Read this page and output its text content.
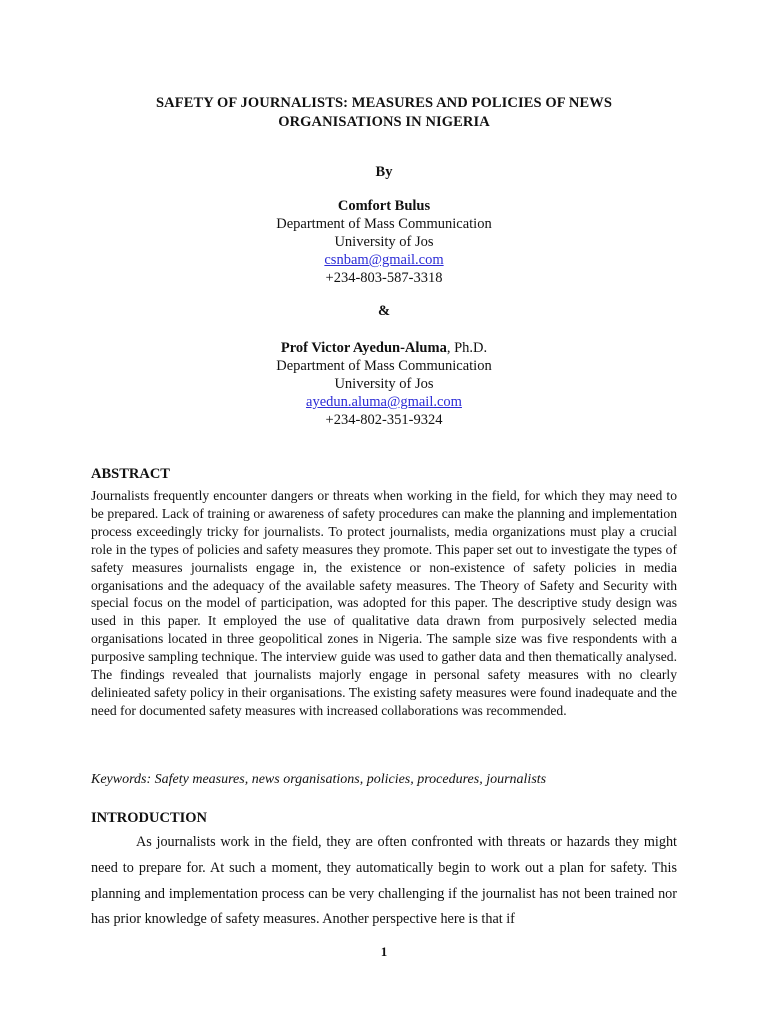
SAFETY OF JOURNALISTS: MEASURES AND POLICIES OF NEWS
ORGANISATIONS IN NIGERIA
By
Comfort Bulus
Department of Mass Communication
University of Jos
csnbam@gmail.com
+234-803-587-3318
&
Prof Victor Ayedun-Aluma, Ph.D.
Department of Mass Communication
University of Jos
ayedun.aluma@gmail.com
+234-802-351-9324
ABSTRACT
Journalists frequently encounter dangers or threats when working in the field, for which they may need to be prepared. Lack of training or awareness of safety procedures can make the planning and implementation process exceedingly tricky for journalists. To protect journalists, media organizations must play a crucial role in the types of policies and safety measures they promote. This paper set out to investigate the types of safety measures journalists engage in, the existence or non-existence of safety policies in media organisations and the adequacy of the available safety measures. The Theory of Safety and Security with special focus on the model of participation, was adopted for this paper. The descriptive study design was used in this paper. It employed the use of qualitative data drawn from purposively selected media organisations located in three geopolitical zones in Nigeria. The sample size was five respondents with a purposive sampling technique. The interview guide was used to gather data and then thematically analysed. The findings revealed that journalists majorly engage in personal safety measures with no clearly delinieated safety policy in their organisations. The existing safety measures were found inadequate and the need for documented safety measures with increased collaborations was recommended.
Keywords: Safety measures, news organisations, policies, procedures, journalists
INTRODUCTION
As journalists work in the field, they are often confronted with threats or hazards they might need to prepare for. At such a moment, they automatically begin to work out a plan for safety. This planning and implementation process can be very challenging if the journalist has not been trained nor has prior knowledge of safety measures. Another perspective here is that if
1
